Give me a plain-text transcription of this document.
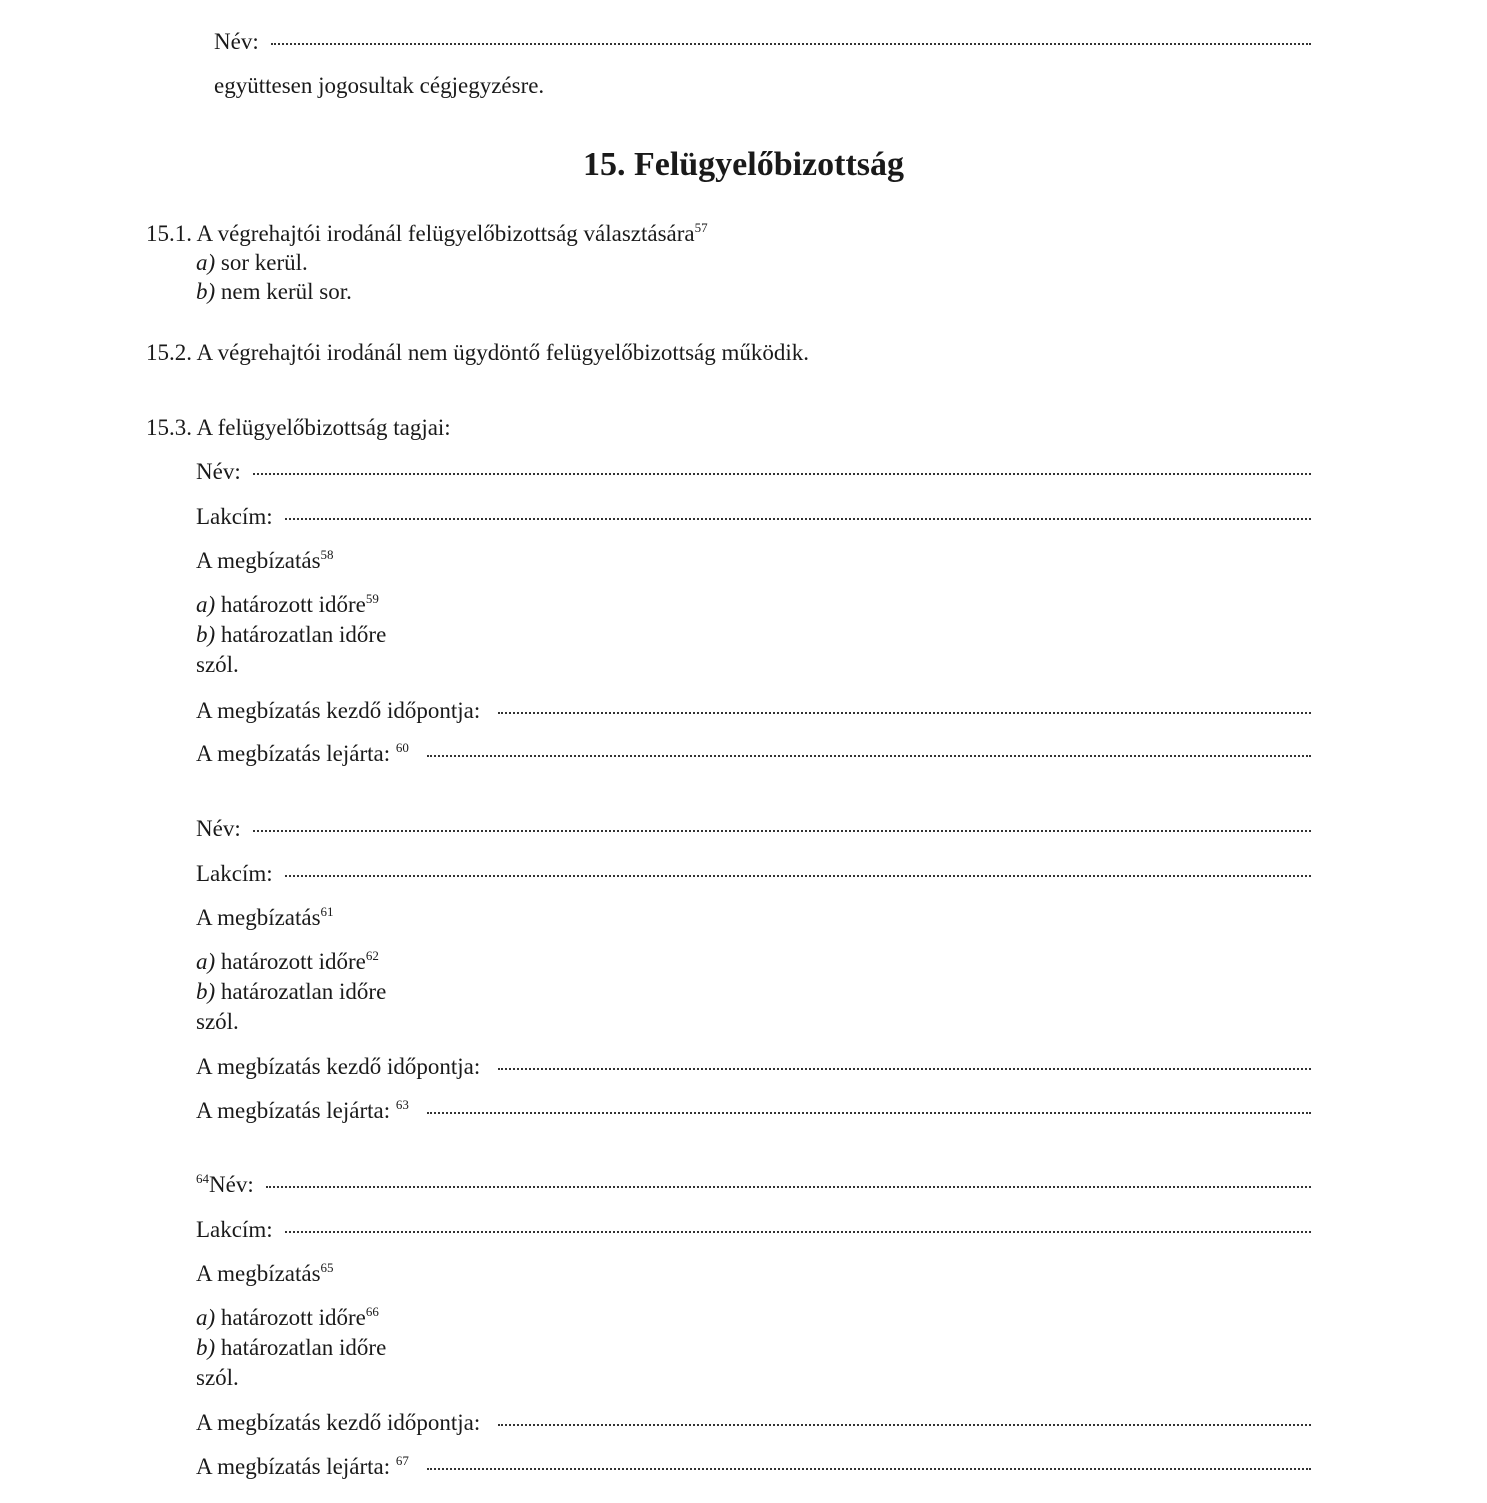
Név:
együttesen jogosultak cégjegyzésre.
15. Felügyelőbizottság
15.1. A végrehajtói irodánál felügyelőbizottság választására$^{57}$
a) sor kerül.
b) nem kerül sor.
15.2. A végrehajtói irodánál nem ügydöntő felügyelőbizottság működik.
15.3. A felügyelőbizottság tagjai:
Név:
Lakcím:
A megbízatás$^{58}$
a) határozott időre$^{59}$
b) határozatlan időre
szól.
A megbízatás kezdő időpontja:
A megbízatás lejárta: $^{60}$
Név:
Lakcím:
A megbízatás$^{61}$
a) határozott időre$^{62}$
b) határozatlan időre
szól.
A megbízatás kezdő időpontja:
A megbízatás lejárta: $^{63}$
$^{64}$Név:
Lakcím:
A megbízatás$^{65}$
a) határozott időre$^{66}$
b) határozatlan időre
szól.
A megbízatás kezdő időpontja:
A megbízatás lejárta: $^{67}$
